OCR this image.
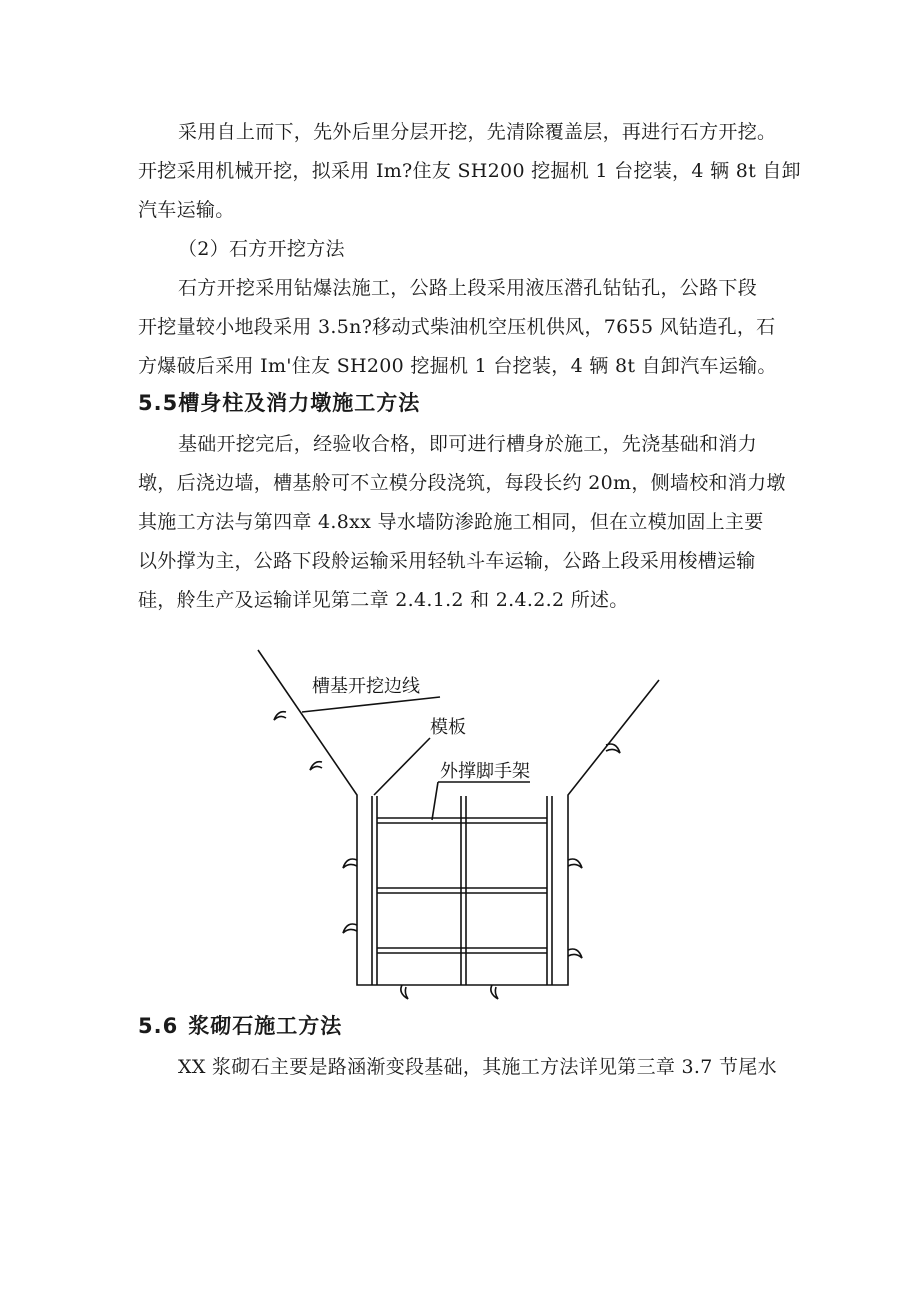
采用自上而下，先外后里分层开挖，先清除覆盖层，再进行石方开挖。
开挖采用机械开挖，拟采用 Im?住友 SH200 挖掘机 1 台挖装，4 辆 8t 自卸
汽车运输。
（2）石方开挖方法
石方开挖采用钻爆法施工，公路上段采用液压潜孔钻钻孔，公路下段
开挖量较小地段采用 3.5n?移动式柴油机空压机供风，7655 风钻造孔，石
方爆破后采用 Im'住友 SH200 挖掘机 1 台挖装，4 辆 8t 自卸汽车运输。
5.5槽身柱及消力墩施工方法
基础开挖完后，经验收合格，即可进行槽身於施工，先浇基础和消力
墩，后浇边墙，槽基舲可不立模分段浇筑，每段长约 20m，侧墙校和消力墩
其施工方法与第四章 4.8xx 导水墙防渗跄施工相同，但在立模加固上主要
以外撑为主，公路下段舲运输采用轻轨斗车运输，公路上段采用梭槽运输
硅，舲生产及运输详见第二章 2.4.1.2 和 2.4.2.2 所述。
槽基开挖边线
模板
外撑脚手架
5.6 浆砌石施工方法
XX 浆砌石主要是路涵渐变段基础，其施工方法详见第三章 3.7 节尾水
